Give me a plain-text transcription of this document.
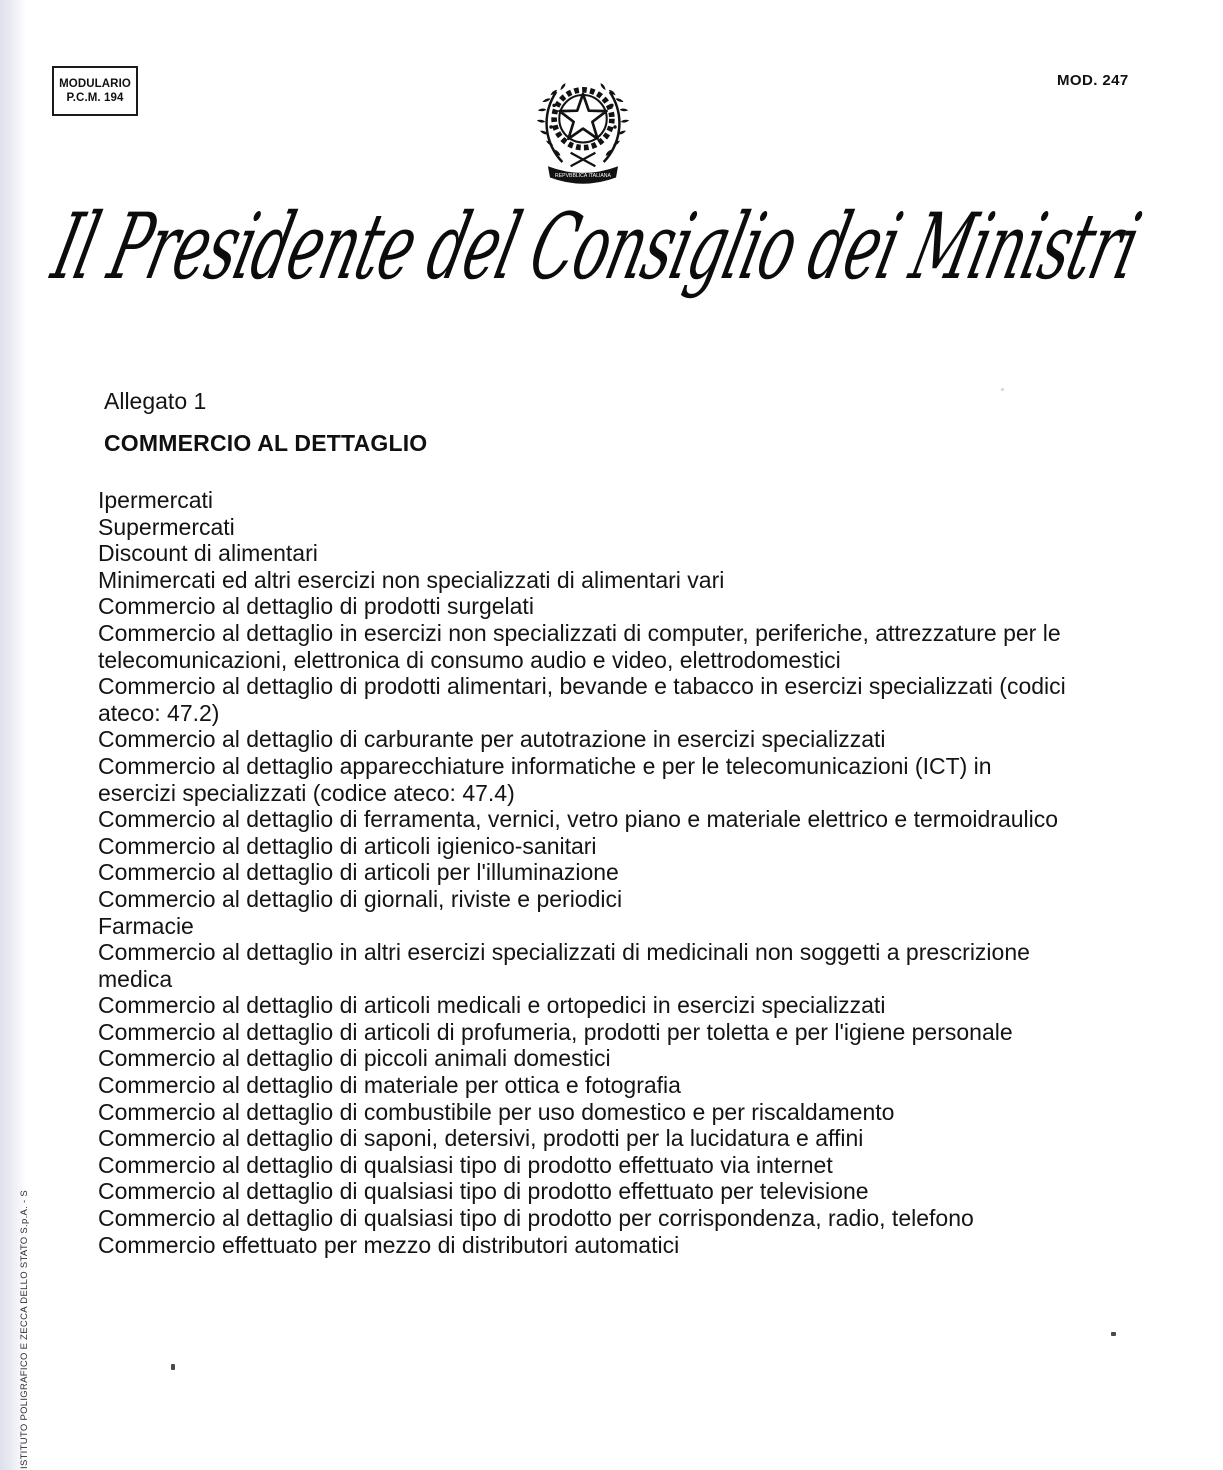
MODULARIO
P.C.M. 194
MOD. 247
REPVBBLICA ITALIANA
Il Presidente del Consiglio dei Ministri
Allegato 1
COMMERCIO AL DETTAGLIO
Ipermercati
Supermercati
Discount di alimentari
Minimercati ed altri esercizi non specializzati di alimentari vari
Commercio al dettaglio di prodotti surgelati
Commercio al dettaglio in esercizi non specializzati di computer, periferiche, attrezzature per le telecomunicazioni, elettronica di consumo audio e video, elettrodomestici
Commercio al dettaglio di prodotti alimentari, bevande e tabacco in esercizi specializzati (codici ateco: 47.2)
Commercio al dettaglio di carburante per autotrazione in esercizi specializzati
Commercio al dettaglio apparecchiature informatiche e per le telecomunicazioni (ICT) in esercizi specializzati (codice ateco: 47.4)
Commercio al dettaglio di ferramenta, vernici, vetro piano e materiale elettrico e termoidraulico
Commercio al dettaglio di articoli igienico-sanitari
Commercio al dettaglio di articoli per l'illuminazione
Commercio al dettaglio di giornali, riviste e periodici
Farmacie
Commercio al dettaglio in altri esercizi specializzati di medicinali non soggetti a prescrizione medica
Commercio al dettaglio di articoli medicali e ortopedici in esercizi specializzati
Commercio al dettaglio di articoli di profumeria, prodotti per toletta e per l'igiene personale
Commercio al dettaglio di piccoli animali domestici
Commercio al dettaglio di materiale per ottica e fotografia
Commercio al dettaglio di combustibile per uso domestico e per riscaldamento
Commercio al dettaglio di saponi, detersivi, prodotti per la lucidatura e affini
Commercio al dettaglio di qualsiasi tipo di prodotto effettuato via internet
Commercio al dettaglio di qualsiasi tipo di prodotto effettuato per televisione
Commercio al dettaglio di qualsiasi tipo di prodotto per corrispondenza, radio, telefono
Commercio effettuato per mezzo di distributori automatici
ISTITUTO POLIGRAFICO E ZECCA DELLO STATO S.p.A. - S
